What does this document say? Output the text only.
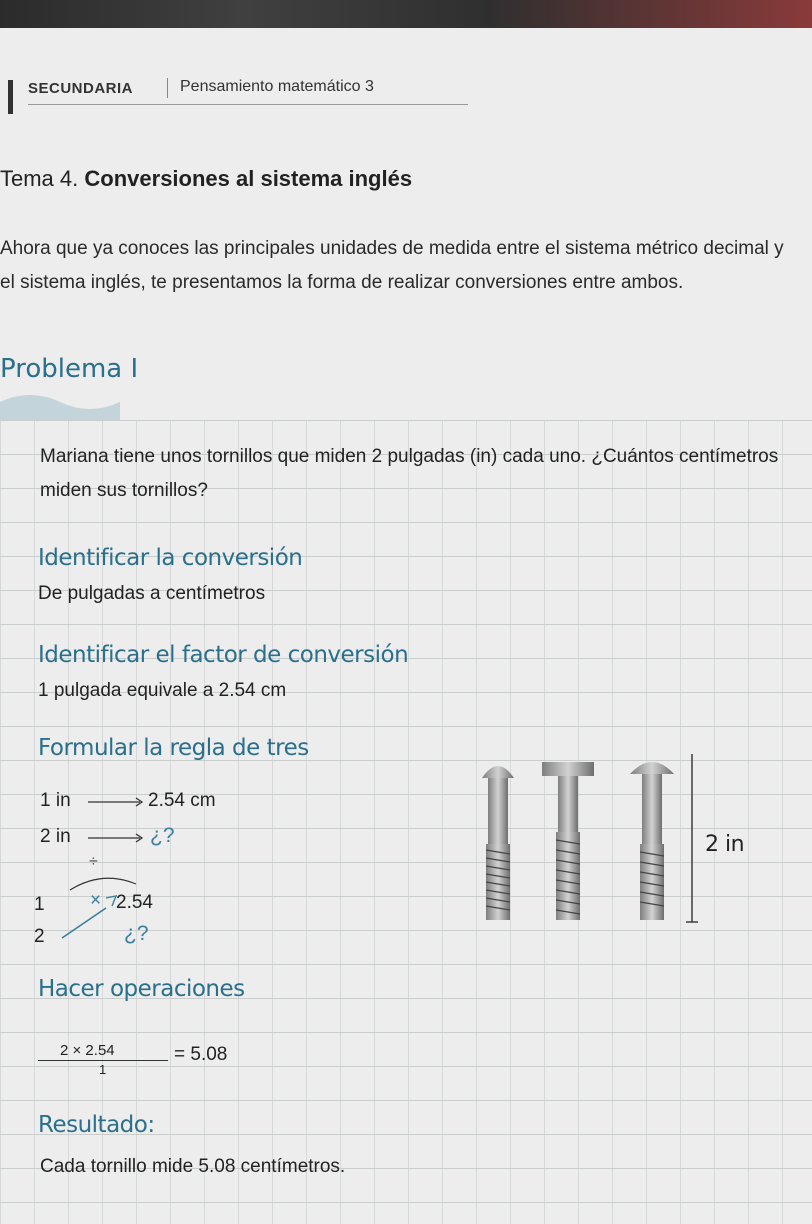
SECUNDARIA	Pensamiento matemático 3
Tema 4. Conversiones al sistema inglés
Ahora que ya conoces las principales unidades de medida entre el sistema métrico decimal y el sistema inglés, te presentamos la forma de realizar conversiones entre ambos.
Problema I
Mariana tiene unos tornillos que miden 2 pulgadas (in) cada uno. ¿Cuántos centímetros miden sus tornillos?
Identificar la conversión
De pulgadas a centímetros
Identificar el factor de conversión
1 pulgada equivale a 2.54 cm
Formular la regla de tres
1 in	2.54 cm
2 in	¿?
÷
1 × 2.54
2	¿?
2 in
Hacer operaciones
2 × 2.54
1
= 5.08
Resultado:
Cada tornillo mide 5.08 centímetros.
